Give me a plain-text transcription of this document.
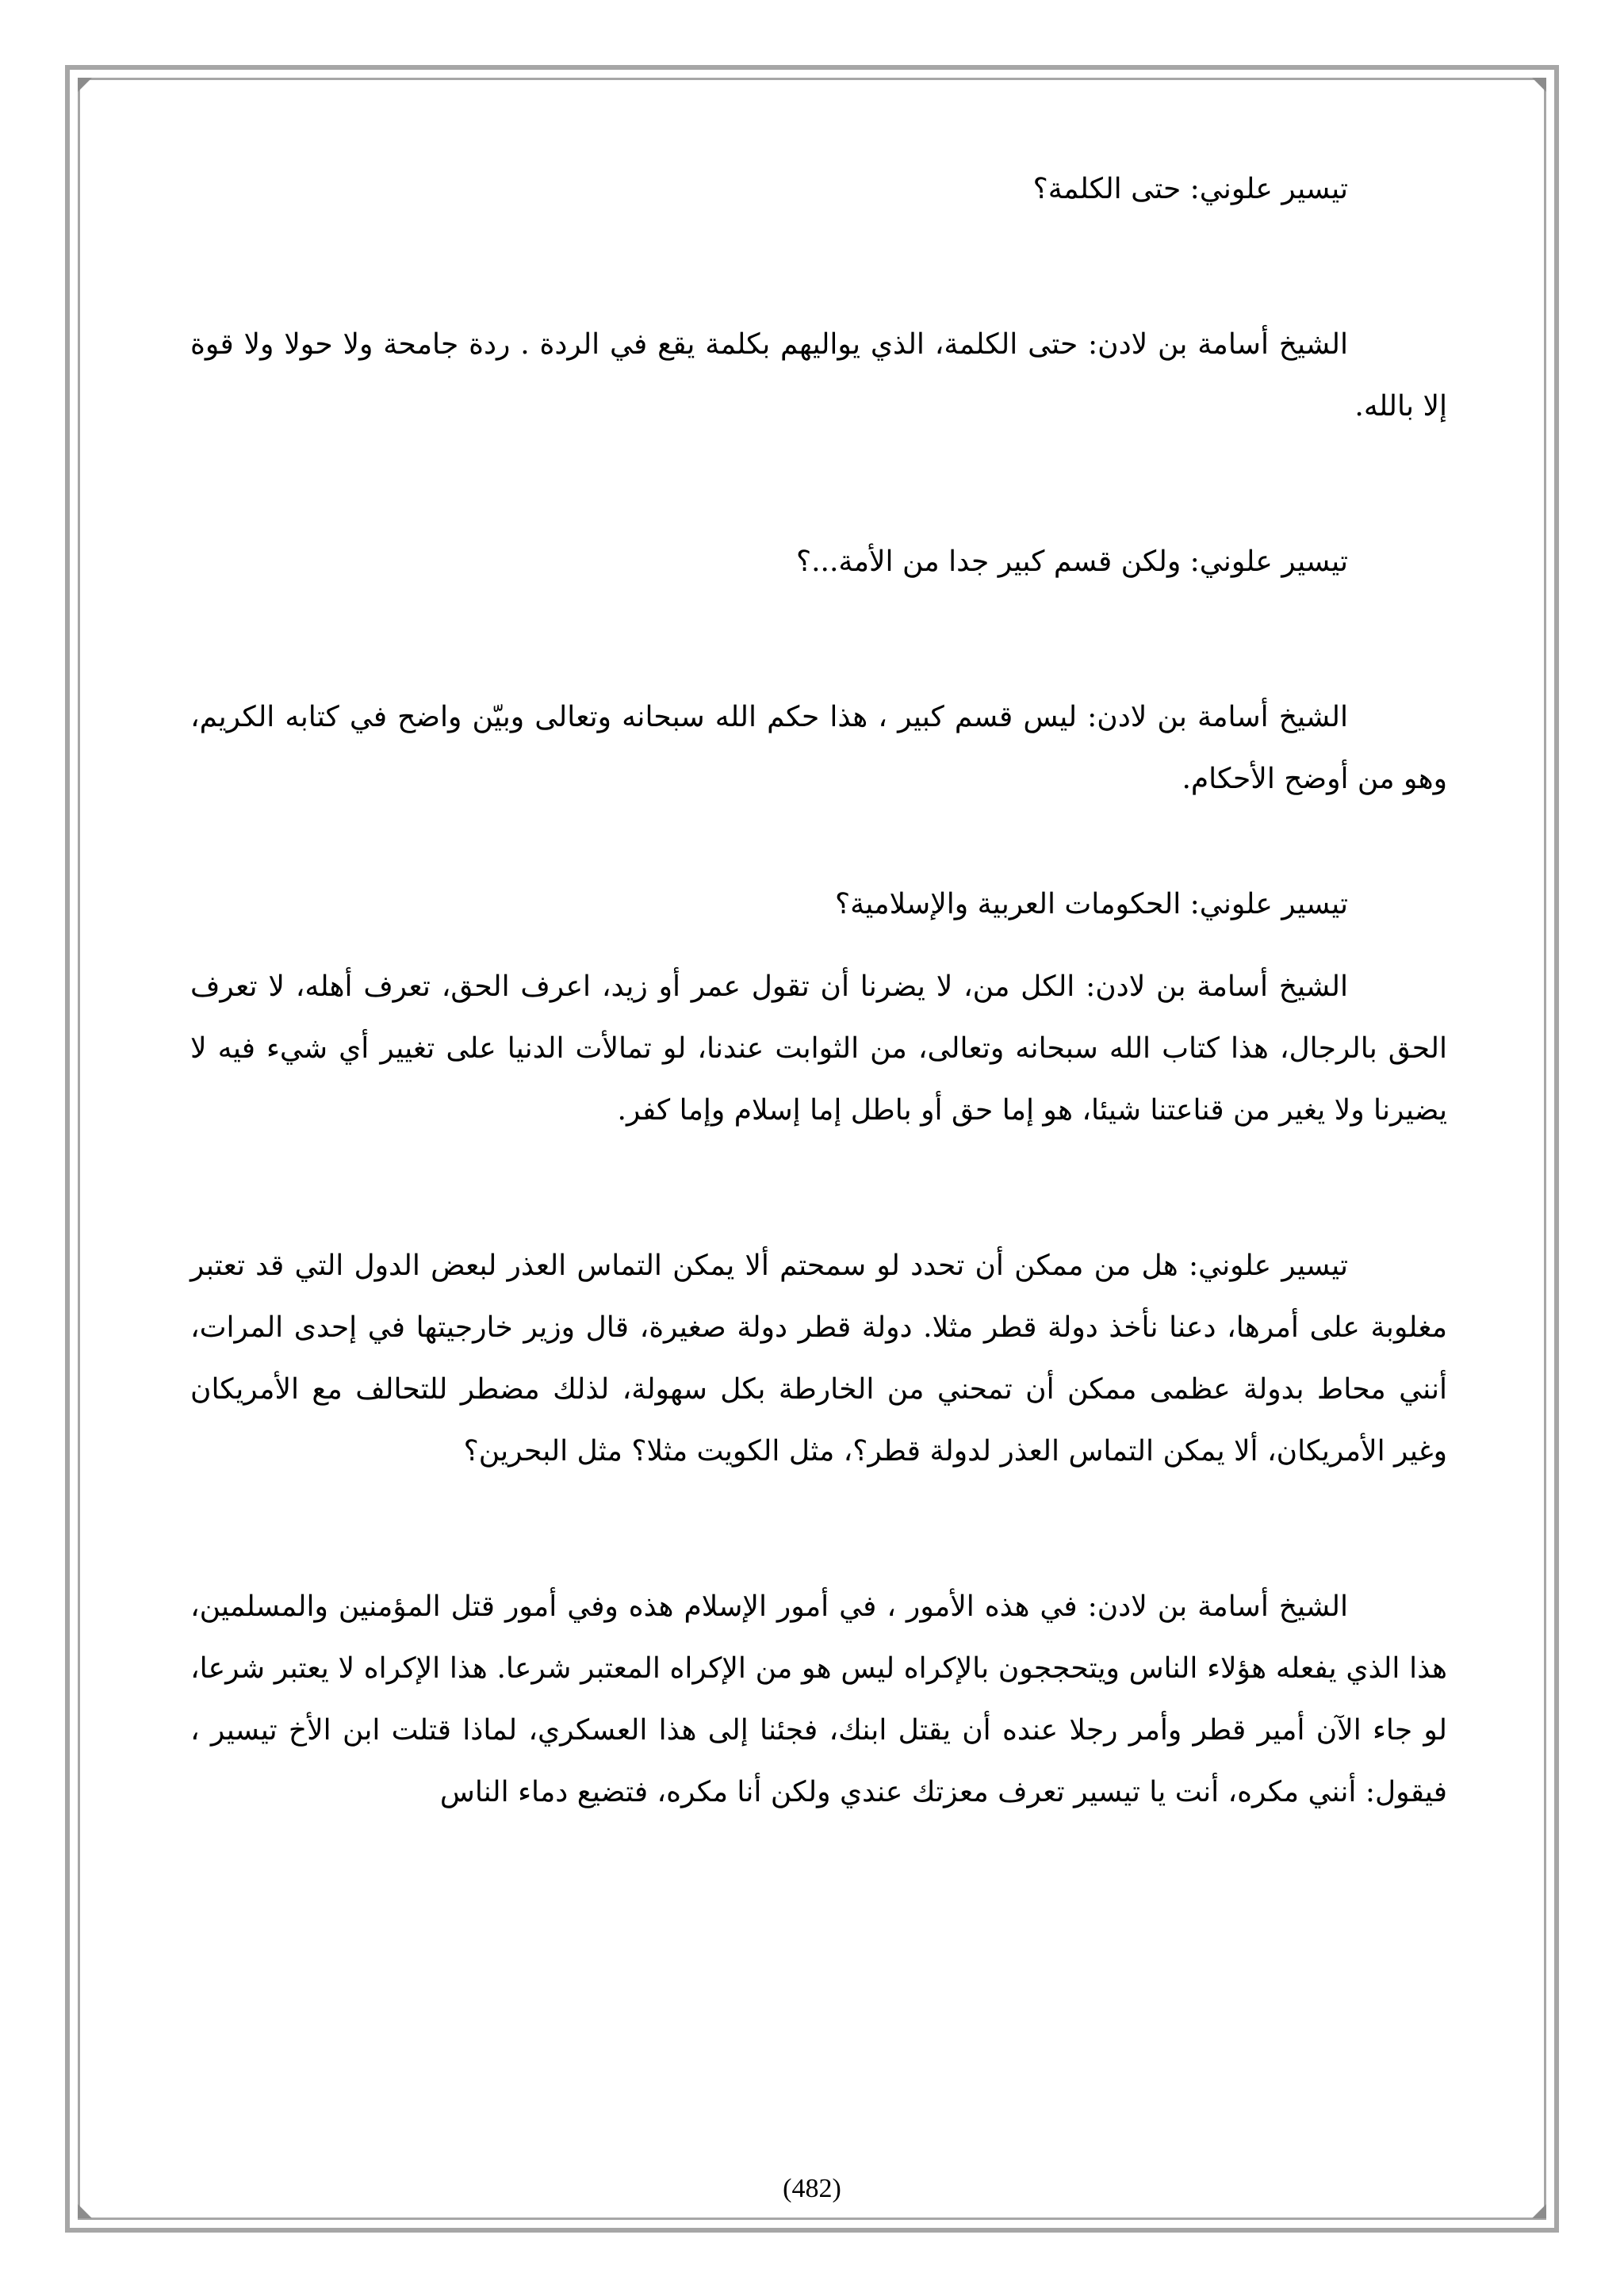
تيسير علوني: حتى الكلمة؟

الشيخ أسامة بن لادن: حتى الكلمة، الذي يواليهم بكلمة يقع في الردة . ردة جامحة ولا حولا ولا قوة إلا بالله.

تيسير علوني: ولكن قسم كبير جدا من الأمة...؟

الشيخ أسامة بن لادن: ليس قسم كبير ، هذا حكم الله سبحانه وتعالى وبيّن واضح في كتابه الكريم، وهو من أوضح الأحكام.

تيسير علوني: الحكومات العربية والإسلامية؟

الشيخ أسامة بن لادن: الكل من، لا يضرنا أن تقول عمر أو زيد، اعرف الحق، تعرف أهله، لا تعرف الحق بالرجال، هذا كتاب الله سبحانه وتعالى، من الثوابت عندنا، لو تمالأت الدنيا على تغيير أي شيء فيه لا يضيرنا ولا يغير من قناعتنا شيئا، هو إما حق أو باطل إما إسلام وإما كفر.

تيسير علوني: هل من ممكن أن تحدد لو سمحتم ألا يمكن التماس العذر لبعض الدول التي قد تعتبر مغلوبة على أمرها، دعنا نأخذ دولة قطر مثلا. دولة قطر دولة صغيرة، قال وزير خارجيتها في إحدى المرات، أنني محاط بدولة عظمى ممكن أن تمحني من الخارطة بكل سهولة، لذلك مضطر للتحالف مع الأمريكان وغير الأمريكان، ألا يمكن التماس العذر لدولة قطر؟، مثل الكويت مثلا؟ مثل البحرين؟

الشيخ أسامة بن لادن: في هذه الأمور ، في أمور الإسلام هذه وفي أمور قتل المؤمنين والمسلمين، هذا الذي يفعله هؤلاء الناس ويتحججون بالإكراه ليس هو من الإكراه المعتبر شرعا. هذا الإكراه لا يعتبر شرعا، لو جاء الآن أمير قطر وأمر رجلا عنده أن يقتل ابنك، فجئنا إلى هذا العسكري، لماذا قتلت ابن الأخ تيسير ، فيقول: أنني مكره، أنت يا تيسير تعرف معزتك عندي ولكن أنا مكره، فتضيع دماء الناس

(482)
